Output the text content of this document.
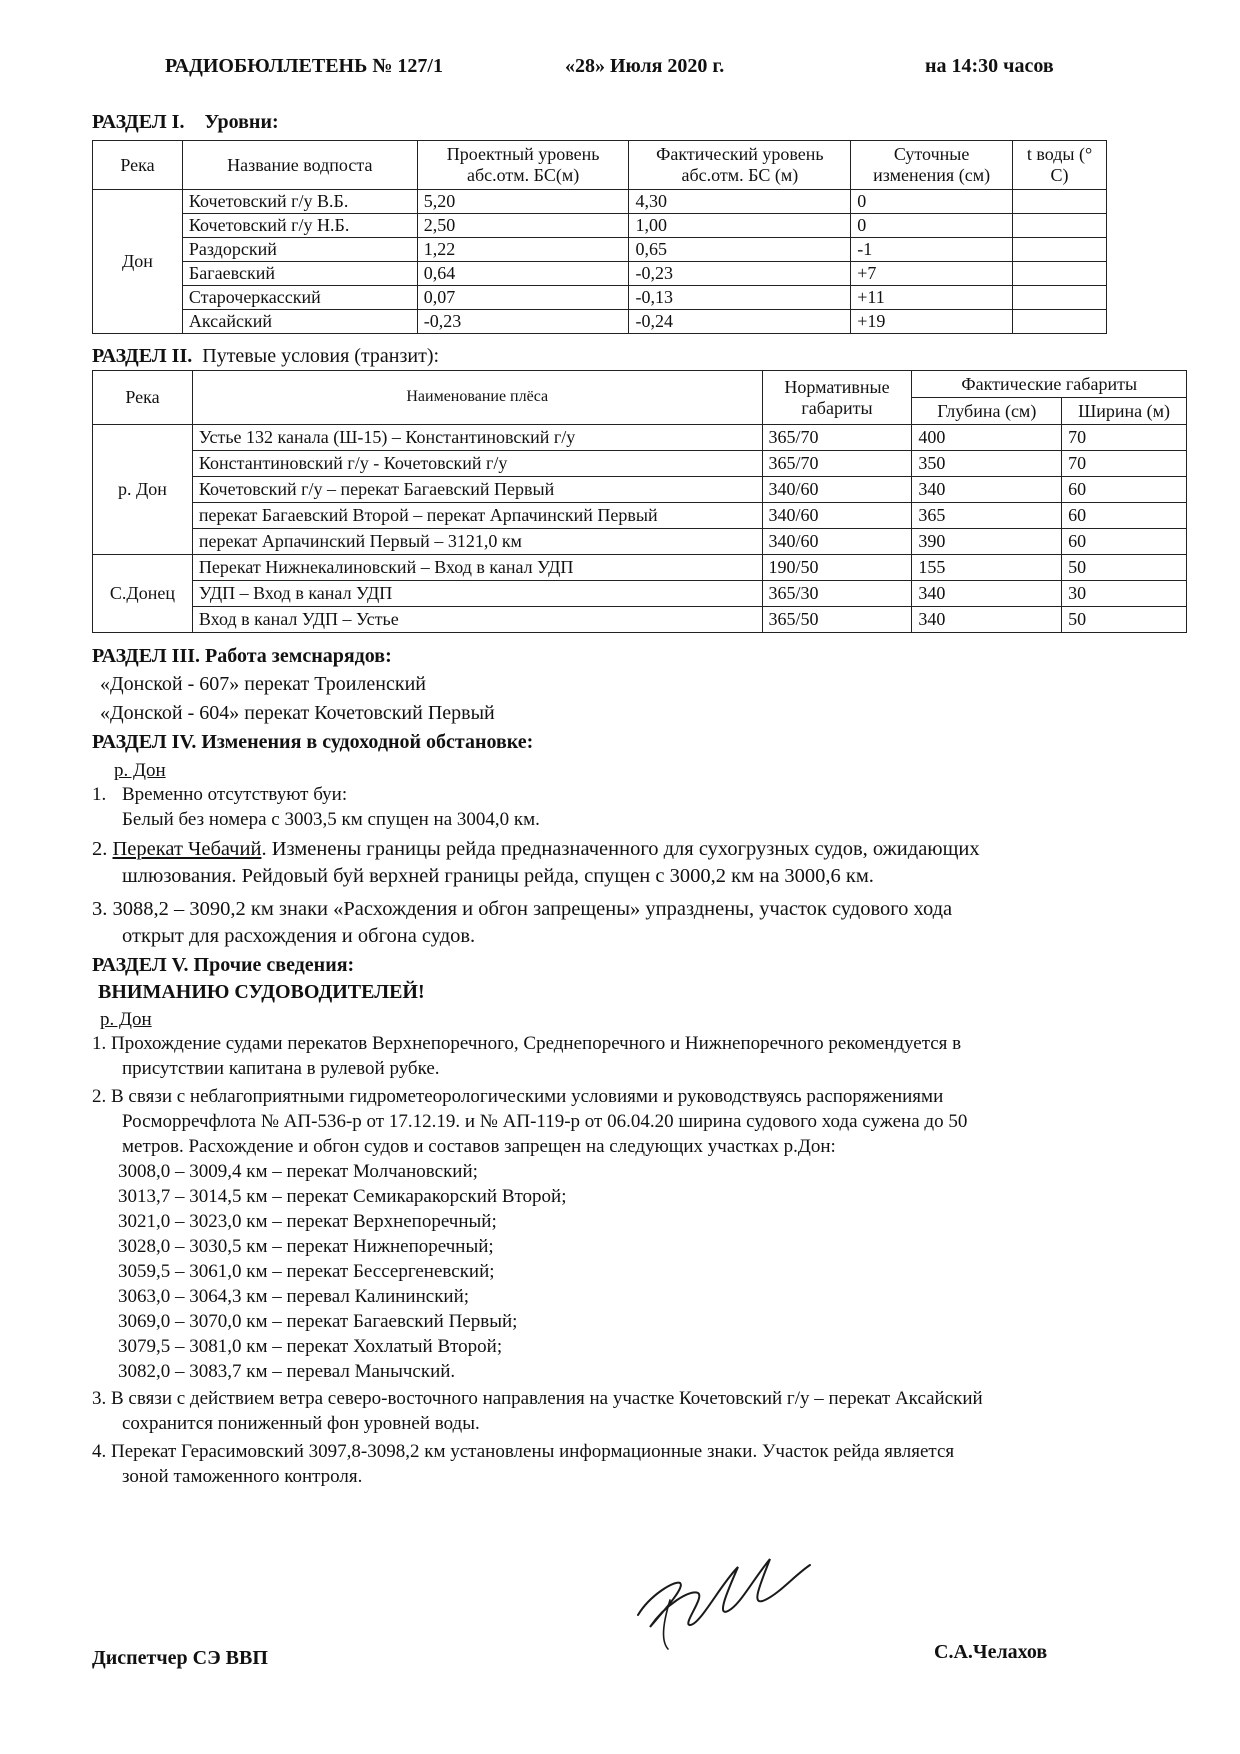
РАДИОБЮЛЛЕТЕНЬ № 127/1	«28» Июля 2020 г.	на 14:30 часов
РАЗДЕЛ I. Уровни:
Река	Название водпоста	Проектный уровень абс.отм. БС(м)	Фактический уровень абс.отм. БС (м)	Суточные изменения (см)	t воды (° С)
Дон	Кочетовский г/у В.Б.	5,20	4,30	0	
	Кочетовский г/у Н.Б.	2,50	1,00	0	
	Раздорский	1,22	0,65	-1	
	Багаевский	0,64	-0,23	+7	
	Старочеркасский	0,07	-0,13	+11	
	Аксайский	-0,23	-0,24	+19	
РАЗДЕЛ II. Путевые условия (транзит):
Река	Наименование плёса	Нормативные габариты	Фактические габариты	
			Глубина (см)	Ширина (м)
р. Дон	Устье 132 канала (Ш-15) – Константиновский г/у	365/70	400	70
	Константиновский г/у - Кочетовский г/у	365/70	350	70
	Кочетовский г/у – перекат Багаевский Первый	340/60	340	60
	перекат Багаевский Второй – перекат Арпачинский Первый	340/60	365	60
	перекат Арпачинский Первый – 3121,0 км	340/60	390	60
С.Донец	Перекат Нижнекалиновский – Вход в канал УДП	190/50	155	50
	УДП – Вход в канал УДП	365/30	340	30
	Вход в канал УДП – Устье	365/50	340	50
РАЗДЕЛ III. Работа земснарядов:
«Донской - 607» перекат Троиленский
«Донской - 604» перекат Кочетовский Первый
РАЗДЕЛ IV. Изменения в судоходной обстановке:
р. Дон
1. Временно отсутствуют буи:
Белый без номера с 3003,5 км спущен на 3004,0 км.
2. Перекат Чебачий. Изменены границы рейда предназначенного для сухогрузных судов, ожидающих
шлюзования. Рейдовый буй верхней границы рейда, спущен с 3000,2 км на 3000,6 км.
3. 3088,2 – 3090,2 км знаки «Расхождения и обгон запрещены» упразднены, участок судового хода
открыт для расхождения и обгона судов.
РАЗДЕЛ V. Прочие сведения:
ВНИМАНИЮ СУДОВОДИТЕЛЕЙ!
р. Дон
1. Прохождение судами перекатов Верхнепоречного, Среднепоречного и Нижнепоречного рекомендуется в
присутствии капитана в рулевой рубке.
2. В связи с неблагоприятными гидрометеорологическими условиями и руководствуясь распоряжениями
Росморречфлота № АП-536-р от 17.12.19. и № АП-119-р от 06.04.20 ширина судового хода сужена до 50
метров. Расхождение и обгон судов и составов запрещен на следующих участках р.Дон:
3008,0 – 3009,4 км – перекат Молчановский;
3013,7 – 3014,5 км – перекат Семикаракорский Второй;
3021,0 – 3023,0 км – перекат Верхнепоречный;
3028,0 – 3030,5 км – перекат Нижнепоречный;
3059,5 – 3061,0 км – перекат Бессергеневский;
3063,0 – 3064,3 км – перевал Калининский;
3069,0 – 3070,0 км – перекат Багаевский Первый;
3079,5 – 3081,0 км – перекат Хохлатый Второй;
3082,0 – 3083,7 км – перевал Манычский.
3. В связи с действием ветра северо-восточного направления на участке Кочетовский г/у – перекат Аксайский
сохранится пониженный фон уровней воды.
4. Перекат Герасимовский 3097,8-3098,2 км установлены информационные знаки. Участок рейда является
зоной таможенного контроля.
Диспетчер СЭ ВВП	С.А.Челахов
